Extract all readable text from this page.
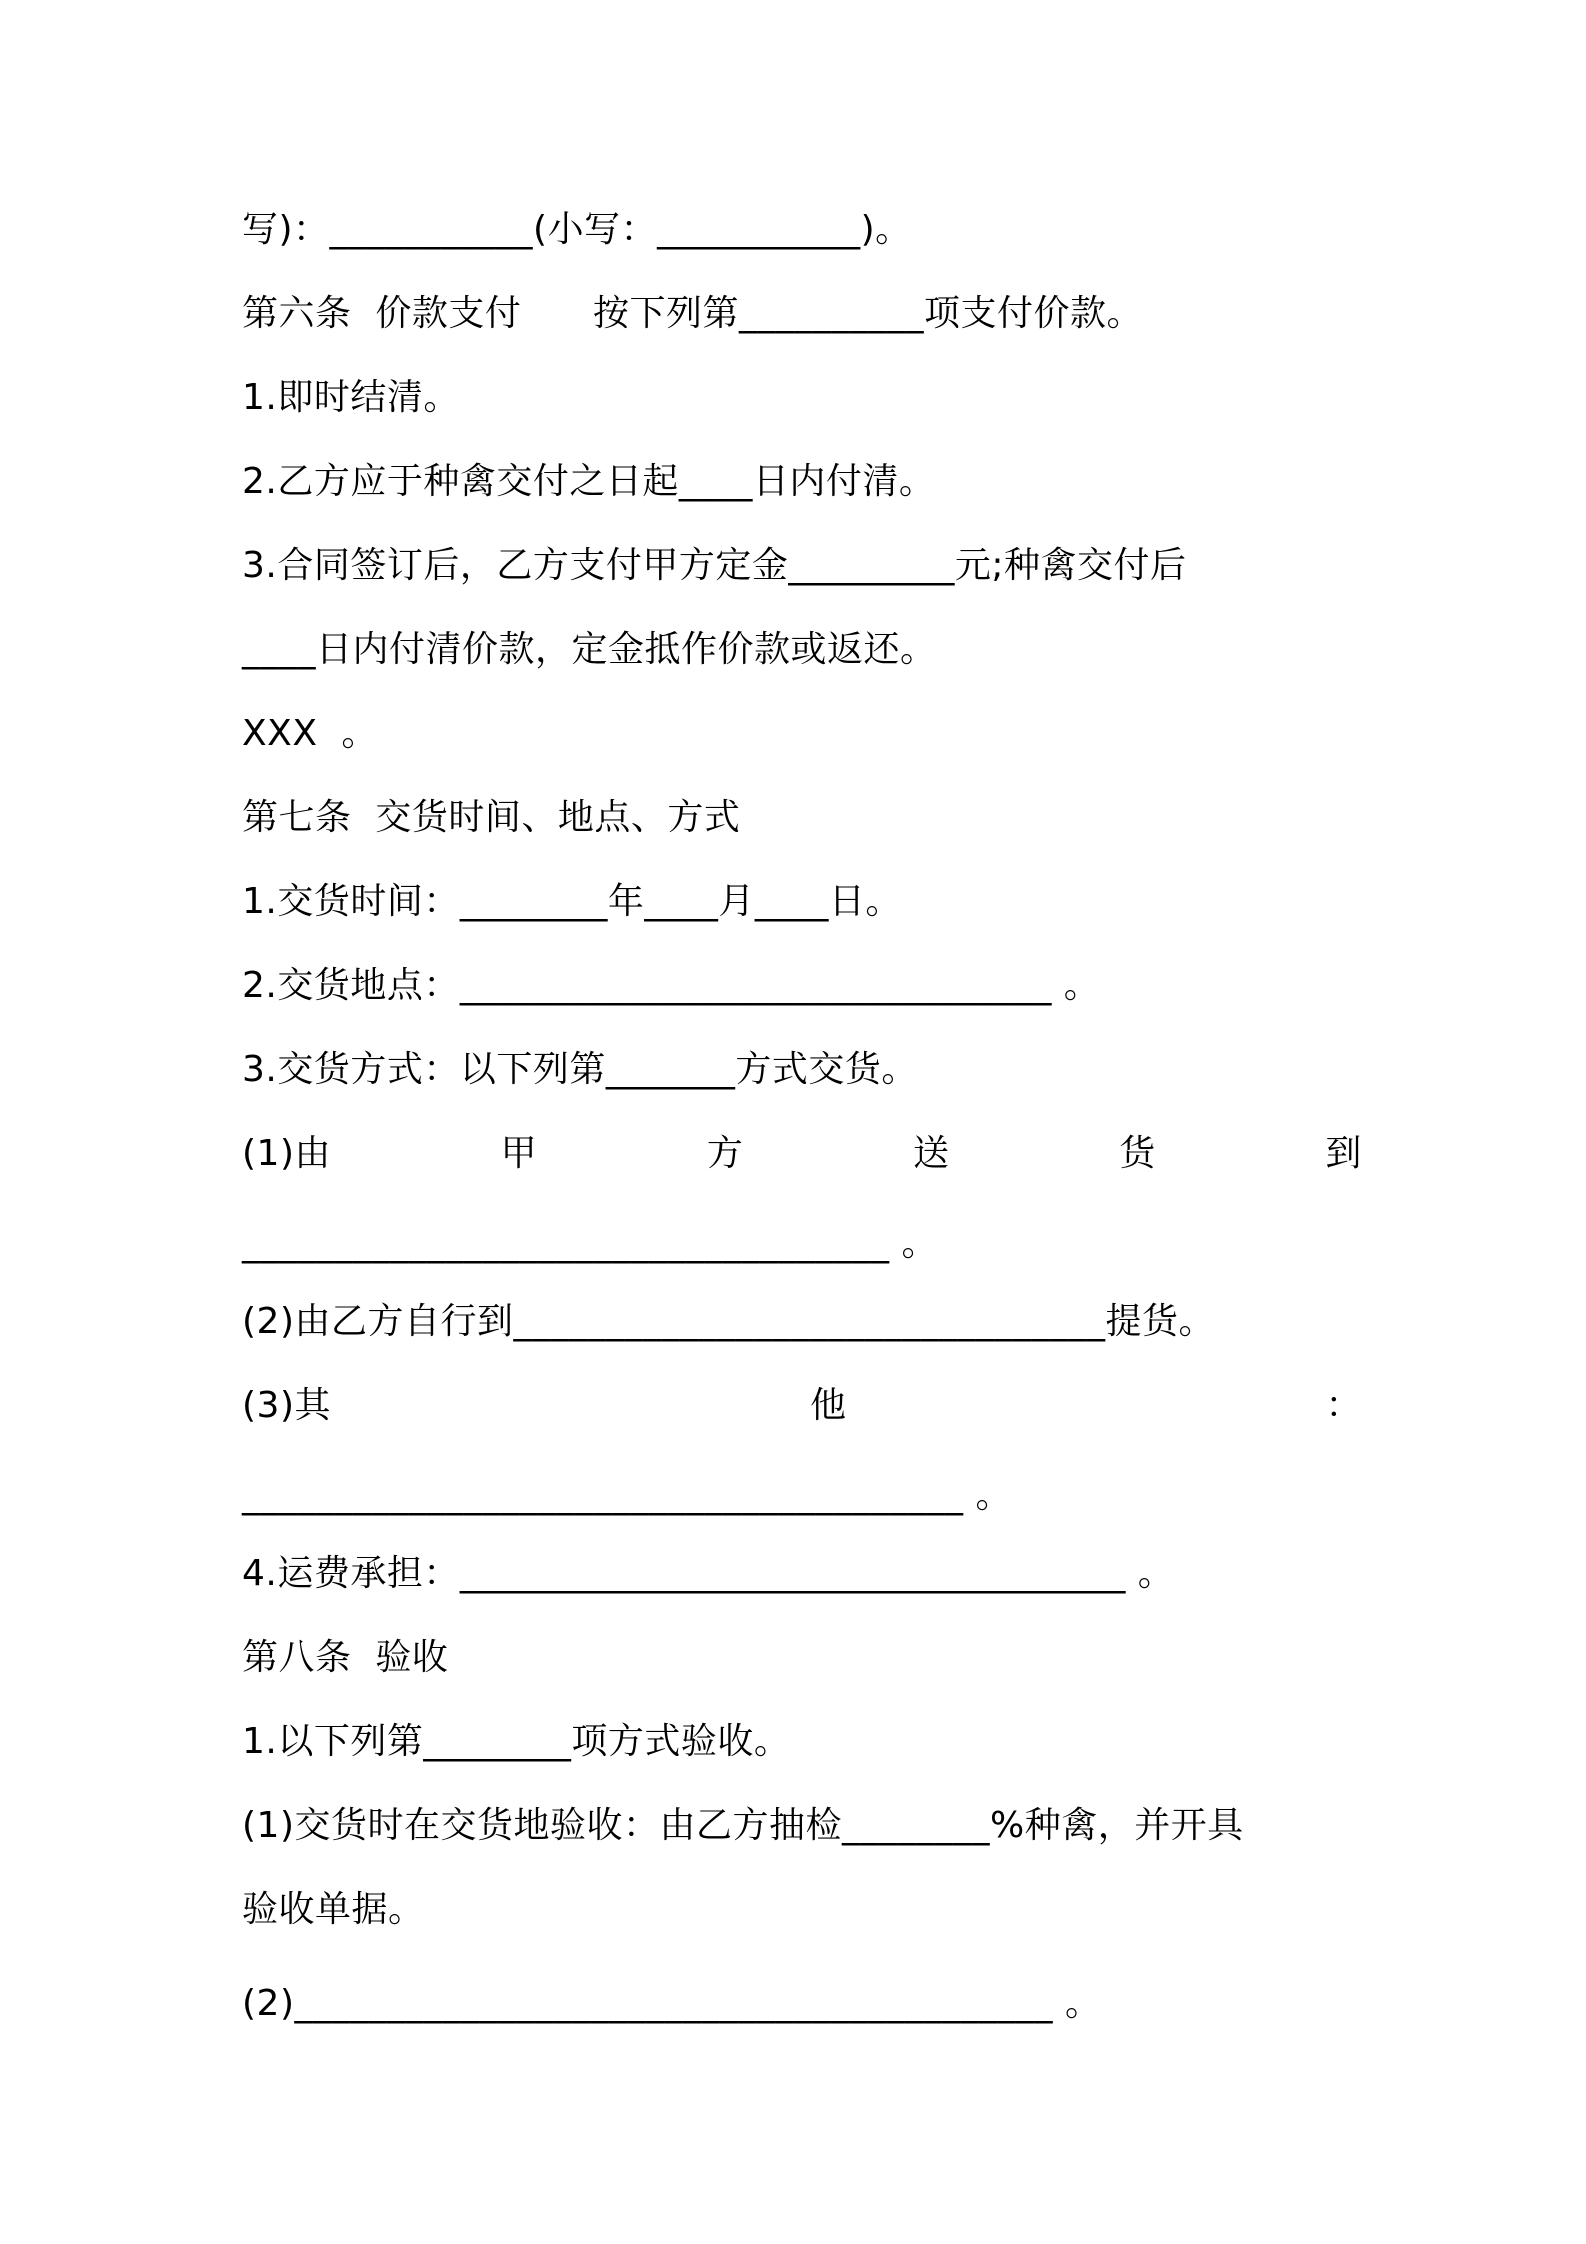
写)：___________(小写：___________)。
第六条  价款支付      按下列第__________项支付价款。
1.即时结清。
2.乙方应于种禽交付之日起____日内付清。
3.合同签订后，乙方支付甲方定金_________元;种禽交付后
____日内付清价款，定金抵作价款或返还。
XXX  。
第七条  交货时间、地点、方式
1.交货时间：________年____月____日。
2.交货地点：________________________________ 。
3.交货方式：以下列第_______方式交货。
(1)由	甲	方	送	货	到
___________________________________ 。
(2)由乙方自行到________________________________提货。
(3)其	他	：
_______________________________________ 。
4.运费承担：____________________________________ 。
第八条  验收
1.以下列第________项方式验收。
(1)交货时在交货地验收：由乙方抽检________%种禽，并开具
验收单据。
(2)_________________________________________ 。
